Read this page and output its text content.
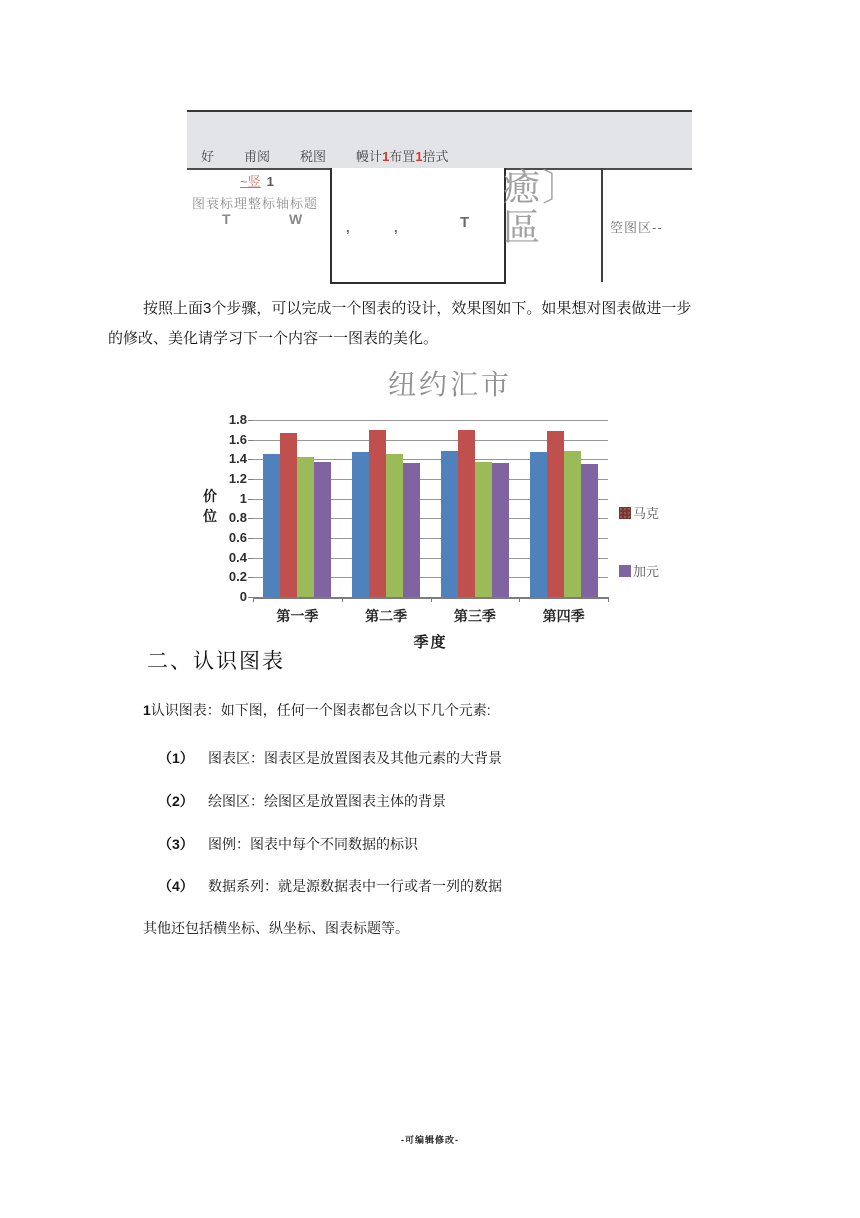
好 甫阅 税图 幔计1布罝1掊式
~竖 1
图衰标理整标轴标题
T	W
,	,	T
癒〕
區	箜图区--
按照上面3个步骤，可以完成一个图表的设计，效果图如下。如果想对图表做进一步
的修改、美化请学习下一个内容一一图表的美化。
纽约汇市
1.8
1.6
1.4
1.2
1
0.8
0.6
0.4
0.2
0
第一季	第二季	第三季	第四季
马克
加元
价位
季度
二、认识图表
1认识图表：如下图，任何一个图表都包含以下几个元素:
（1） 图表区：图表区是放置图表及其他元素的大背景
（2） 绘图区：绘图区是放置图表主体的背景
（3） 图例：图表中每个不同数据的标识
（4） 数据系列：就是源数据表中一行或者一列的数据
其他还包括横坐标、纵坐标、图表标题等。
-可编辑修改-
